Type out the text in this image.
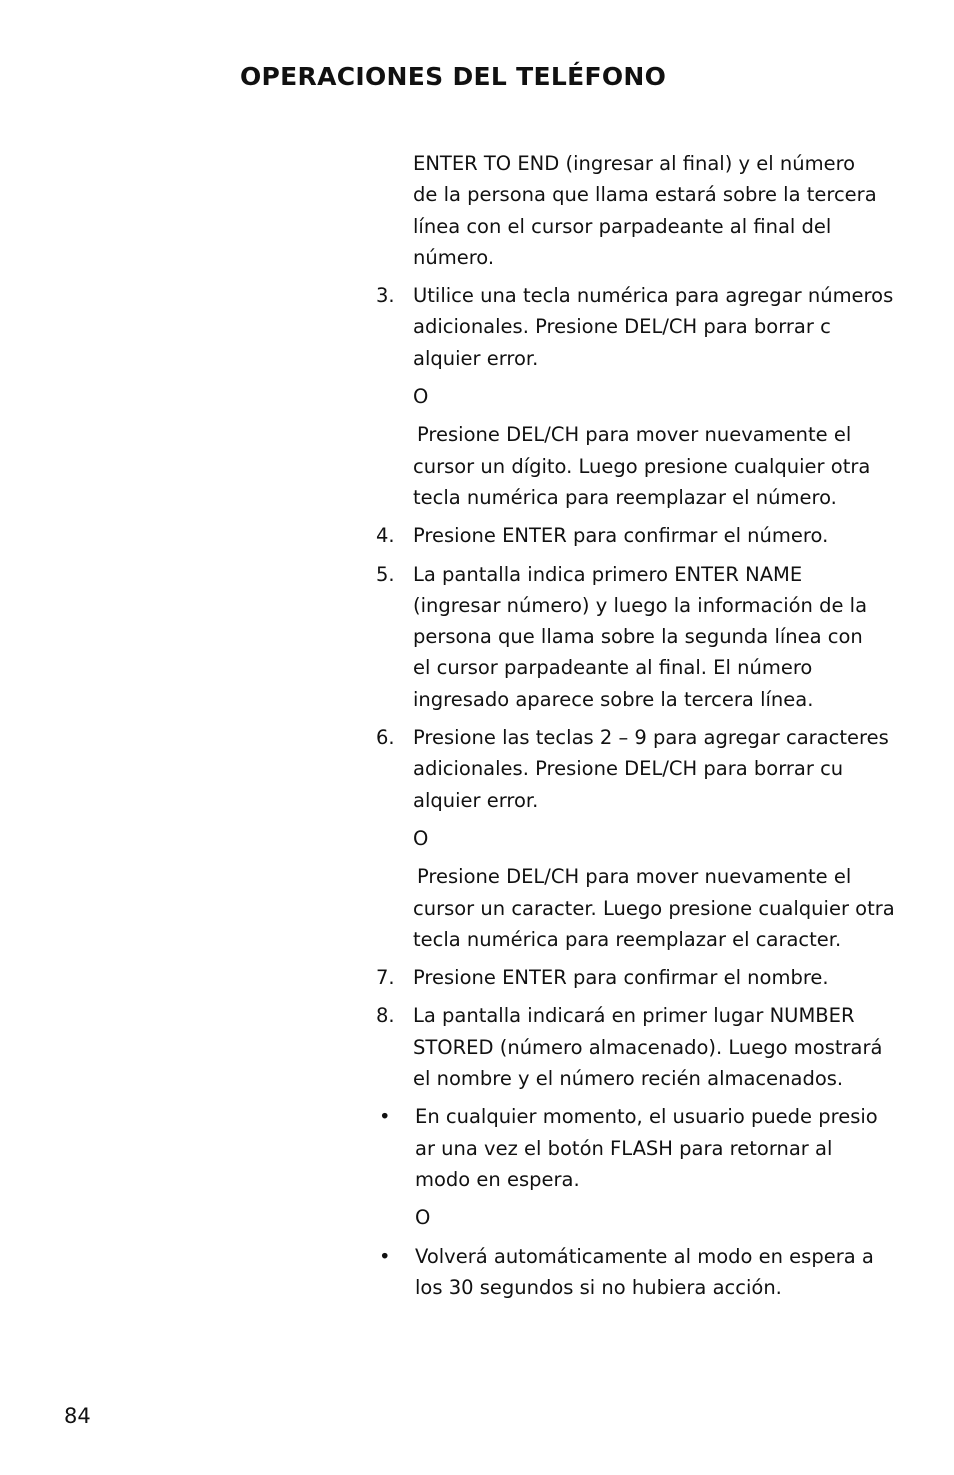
OPERACIONES DEL TELÉFONO
ENTER TO END (ingresar al final) y el número
de la persona que llama estará sobre la tercera
línea con el cursor parpadeante al final del
número.
3. Utilice una tecla numérica para agregar números
adicionales. Presione DEL/CH para borrar c
alquier error.
O
Presione DEL/CH para mover nuevamente el
cursor un dígito. Luego presione cualquier otra
tecla numérica para reemplazar el número.
4. Presione ENTER para confirmar el número.
5. La pantalla indica primero ENTER NAME
(ingresar número) y luego la información de la
persona que llama sobre la segunda línea con
el cursor parpadeante al final. El número
ingresado aparece sobre la tercera línea.
6. Presione las teclas 2 – 9 para agregar caracteres
adicionales. Presione DEL/CH para borrar cu
alquier error.
O
Presione DEL/CH para mover nuevamente el
cursor un caracter. Luego presione cualquier otra
tecla numérica para reemplazar el caracter.
7. Presione ENTER para confirmar el nombre.
8. La pantalla indicará en primer lugar NUMBER
STORED (número almacenado). Luego mostrará
el nombre y el número recién almacenados.
• En cualquier momento, el usuario puede presio
ar una vez el botón FLASH para retornar al
modo en espera.
O
• Volverá automáticamente al modo en espera a
los 30 segundos si no hubiera acción.
84
